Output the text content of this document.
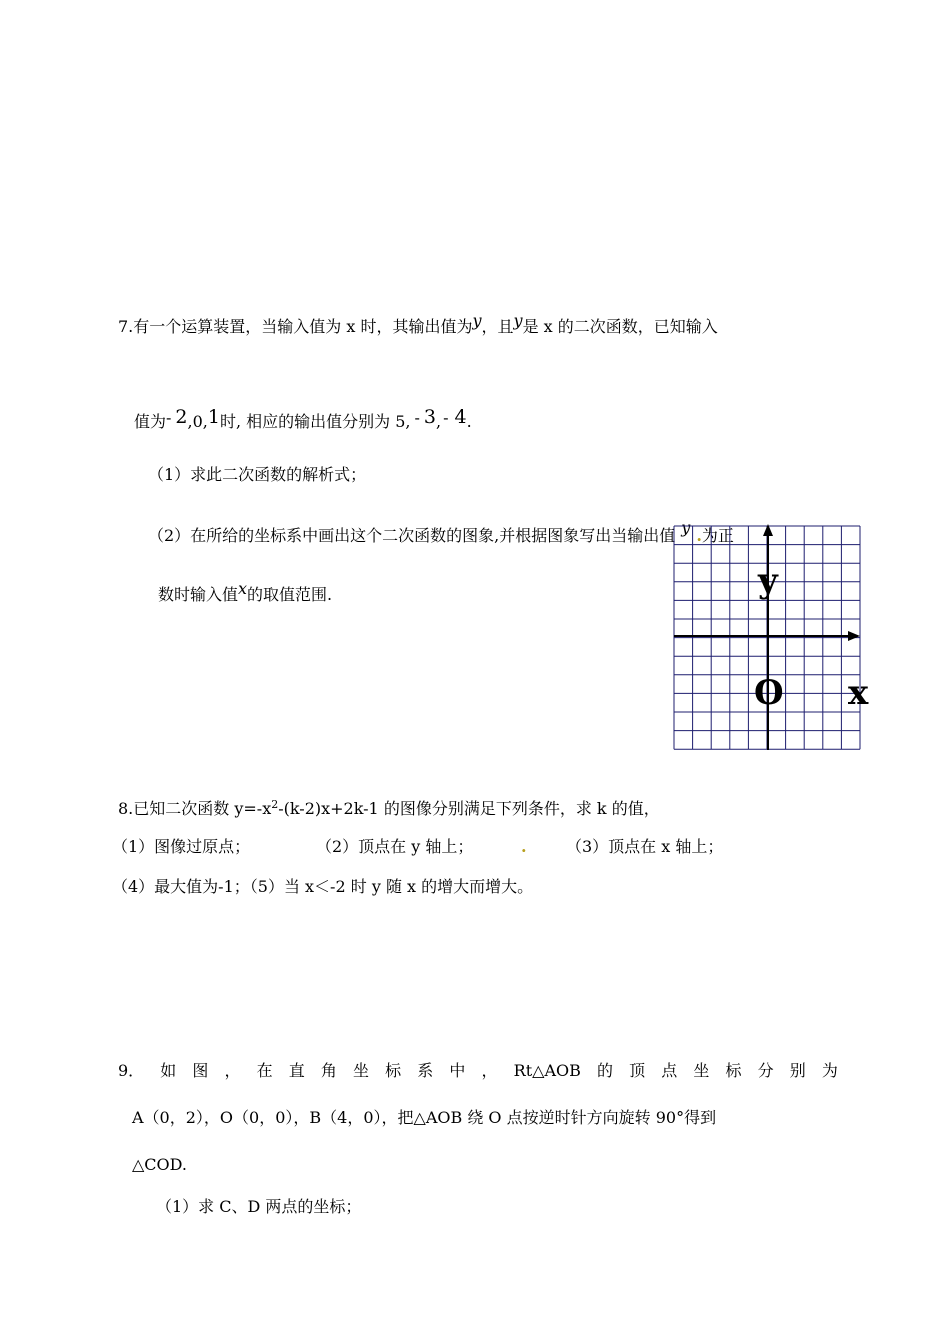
7.有一个运算装置，当输入值为 x 时，其输出值为y，且y是 x 的二次函数，已知输入
值为- 2,0,1时, 相应的输出值分别为 5, - 3, - 4.
（1）求此二次函数的解析式；
（2）在所给的坐标系中画出这个二次函数的图象,并根据图象写出当输出值 y .为正
数时输入值x的取值范围.	y
O x
8.已知二次函数 $y=-x^2-(k-2)x+2k-1$ 的图像分别满足下列条件，求 k 的值，
（1）图像过原点；	（2）顶点在 y 轴上；	. （3）顶点在 x 轴上；
（4）最大值为-1；（5）当 x＜-2 时 y 随 x 的增大而增大。
9． 如 图 ， 在 直 角 坐 标 系 中 ， Rt△AOB 的 顶 点 坐 标 分 别 为
A（0，2），O（0，0），B（4，0），把△AOB 绕 O 点按逆时针方向旋转 90°得到
△COD.
（1）求 C、D 两点的坐标；
